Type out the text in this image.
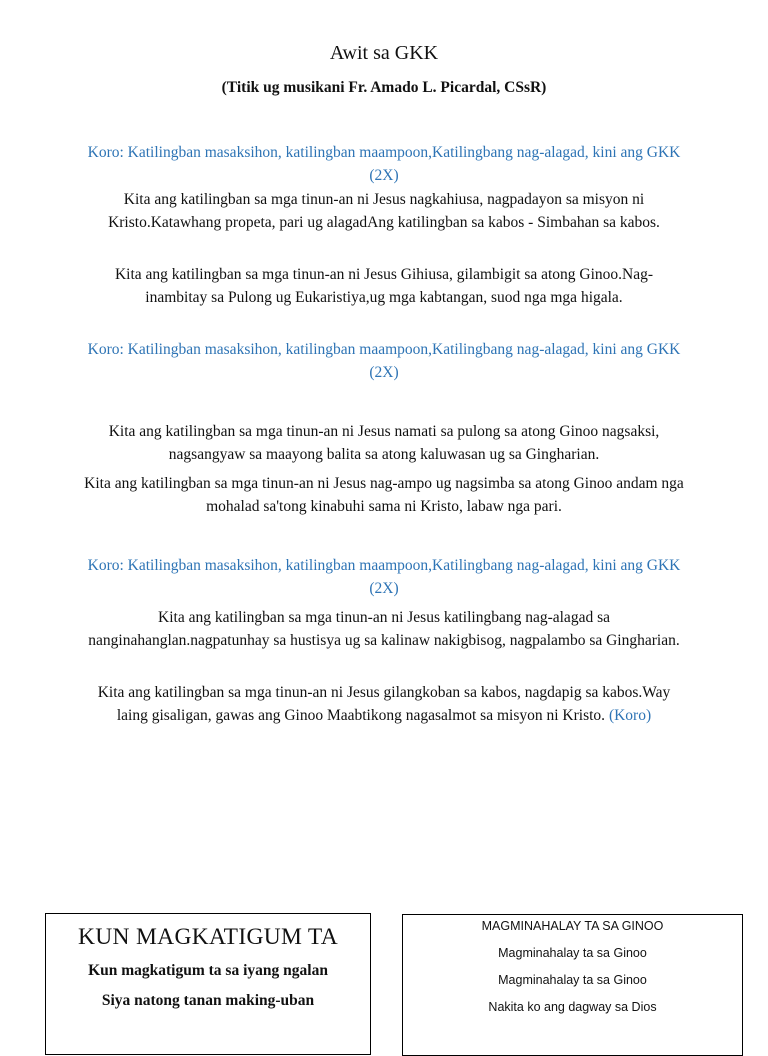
Awit sa GKK
(Titik ug musikani Fr. Amado L. Picardal, CSsR)
Koro: Katilingban masaksihon, katilingban maampoon,Katilingbang nag-alagad, kini ang GKK (2X)
Kita ang katilingban sa mga tinun-an ni Jesus nagkahiusa, nagpadayon sa misyon ni Kristo.Katawhang propeta, pari ug alagadAng katilingban sa kabos - Simbahan sa kabos.
Kita ang katilingban sa mga tinun-an ni Jesus Gihiusa, gilambigit sa atong Ginoo.Nag-inambitay sa Pulong ug Eukaristiya,ug mga kabtangan, suod nga mga higala.
Koro: Katilingban masaksihon, katilingban maampoon,Katilingbang nag-alagad, kini ang GKK (2X)
Kita ang katilingban sa mga tinun-an ni Jesus namati sa pulong sa atong Ginoo nagsaksi, nagsangyaw sa maayong balita sa atong kaluwasan ug sa Gingharian.
Kita ang katilingban sa mga tinun-an ni Jesus nag-ampo ug nagsimba sa atong Ginoo andam nga mohalad sa'tong kinabuhi sama ni Kristo, labaw nga pari.
Koro: Katilingban masaksihon, katilingban maampoon,Katilingbang nag-alagad, kini ang GKK (2X)
Kita ang katilingban sa mga tinun-an ni Jesus katilingbang nag-alagad sa nanginahanglan.nagpatunhay sa hustisya ug sa kalinaw nakigbisog, nagpalambo sa Gingharian.
Kita ang katilingban sa mga tinun-an ni Jesus gilangkoban sa kabos, nagdapig sa kabos.Way laing gisaligan, gawas ang Ginoo Maabtikong nagasalmot sa misyon ni Kristo. (Koro)
KUN MAGKATIGUM TA
Kun magkatigum ta sa iyang ngalan
Siya natong tanan making-uban
MAGMINAHALAY TA SA GINOO
Magminahalay ta sa Ginoo
Magminahalay ta sa Ginoo
Nakita ko ang dagway sa Dios
